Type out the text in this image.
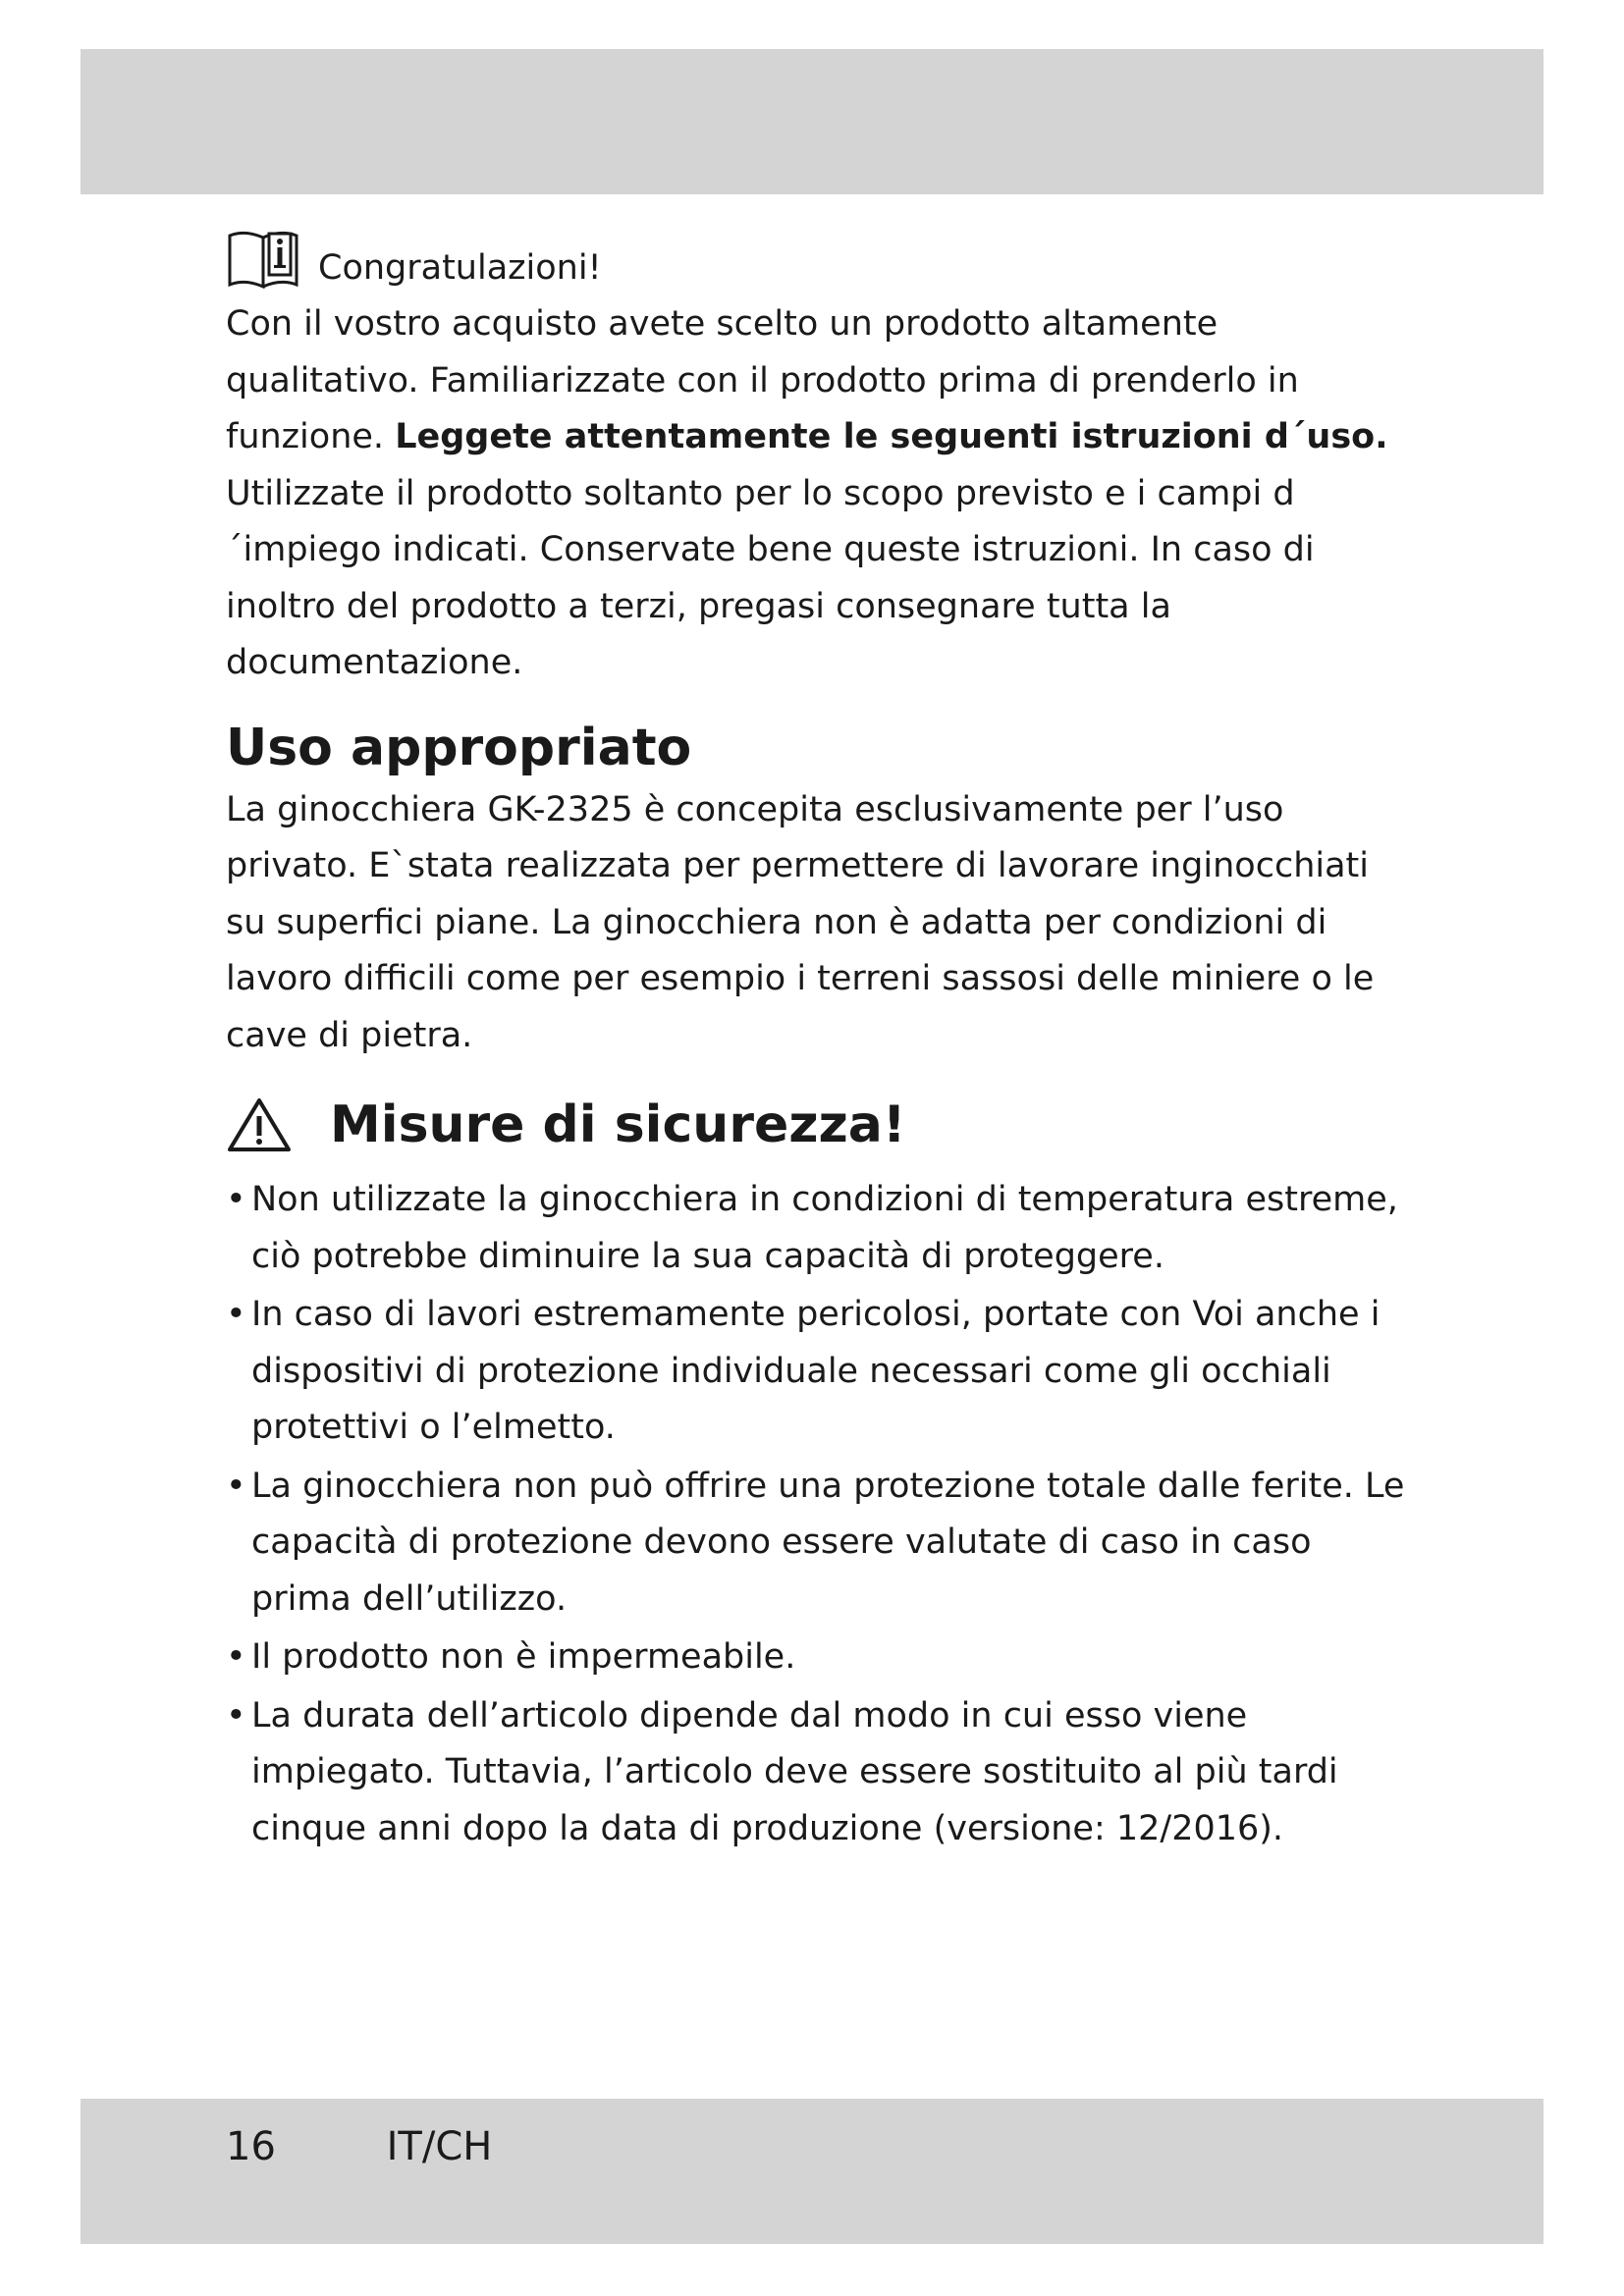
Congratulazioni!

Con il vostro acquisto avete scelto un prodotto altamente qualitativo. Familiarizzate con il prodotto prima di prenderlo in funzione. Leggete attentamente le seguenti istruzioni d´uso. Utilizzate il prodotto soltanto per lo scopo previsto e i campi d´impiego indicati. Conservate bene queste istruzioni. In caso di inoltro del prodotto a terzi, pregasi consegnare tutta la documentazione.

Uso appropriato

La ginocchiera GK-2325 è concepita esclusivamente per l’uso privato. E`stata realizzata per permettere di lavorare inginocchiati su superfici piane. La ginocchiera non è adatta per condizioni di lavoro difficili come per esempio i terreni sassosi delle miniere o le cave di pietra.

Misure di sicurezza!
• Non utilizzate la ginocchiera in condizioni di temperatura estreme, ciò potrebbe diminuire la sua capacità di proteggere.
• In caso di lavori estremamente pericolosi, portate con Voi anche i dispositivi di protezione individuale necessari come gli occhiali protettivi o l’elmetto.
• La ginocchiera non può offrire una protezione totale dalle ferite. Le capacità di protezione devono essere valutate di caso in caso prima dell’utilizzo.
• Il prodotto non è impermeabile.
• La durata dell’articolo dipende dal modo in cui esso viene impiegato. Tuttavia, l’articolo deve essere sostituito al più tardi cinque anni dopo la data di produzione (versione: 12/2016).
16	IT/CH
